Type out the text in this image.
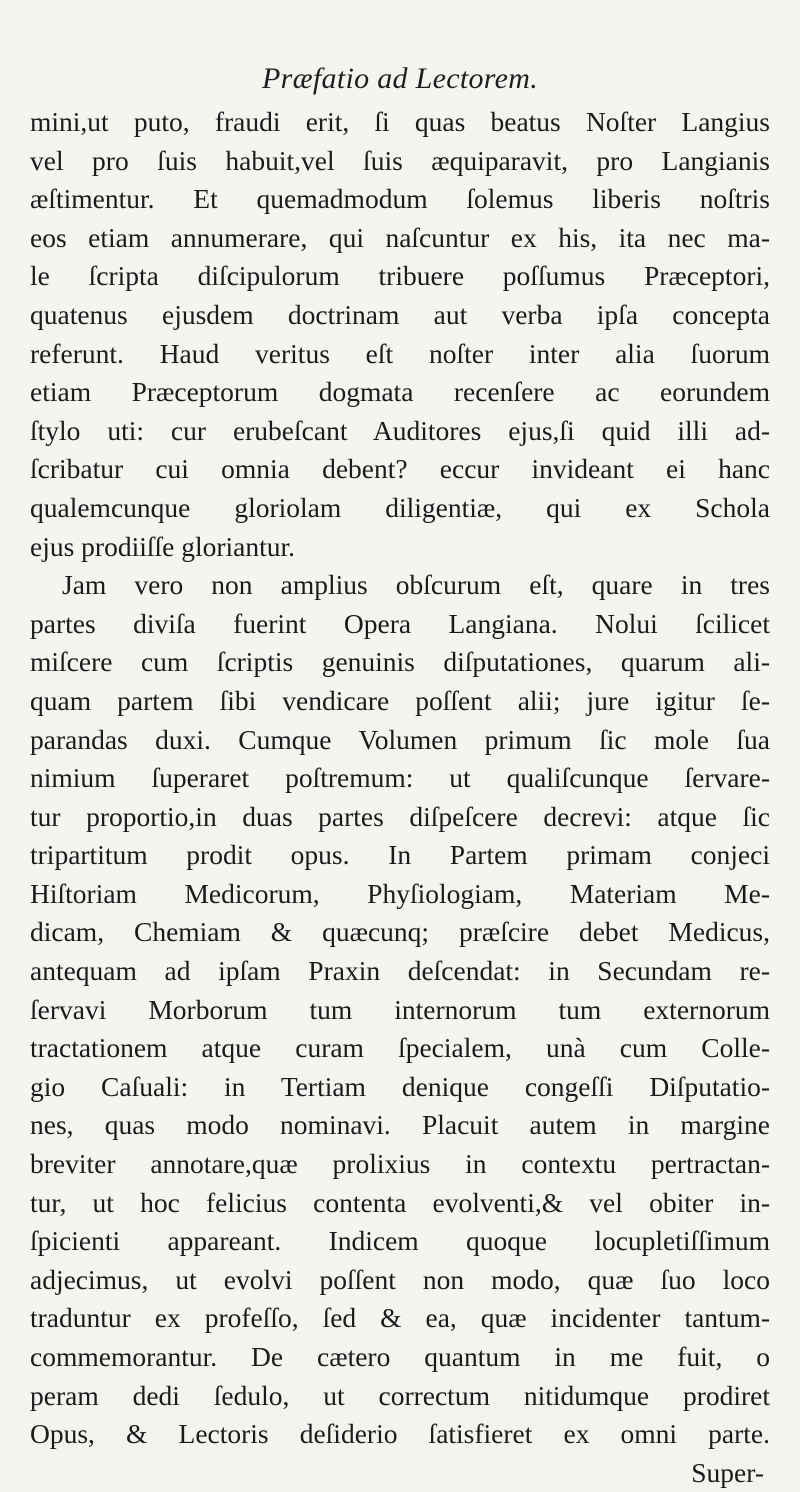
Præfatio ad Lectorem.
mini,ut puto, fraudi erit, ſi quas beatus Noſter Langius
vel pro ſuis habuit,vel ſuis æquiparavit, pro Langianis
æſtimentur. Et quemadmodum ſolemus liberis noſtris
eos etiam annumerare, qui naſcuntur ex his, ita nec ma-
le ſcripta diſcipulorum tribuere poſſumus Præceptori,
quatenus ejusdem doctrinam aut verba ipſa concepta
referunt. Haud veritus eſt noſter inter alia ſuorum
etiam Præceptorum dogmata recenſere ac eorundem
ſtylo uti: cur erubeſcant Auditores ejus,ſi quid illi ad-
ſcribatur cui omnia debent? eccur invideant ei hanc
qualemcunque gloriolam diligentiæ, qui ex Schola
ejus prodiiſſe gloriantur.
Jam vero non amplius obſcurum eſt, quare in tres
partes diviſa fuerint Opera Langiana. Nolui ſcilicet
miſcere cum ſcriptis genuinis diſputationes, quarum ali-
quam partem ſibi vendicare poſſent alii; jure igitur ſe-
parandas duxi. Cumque Volumen primum ſic mole ſua
nimium ſuperaret poſtremum: ut qualiſcunque ſervare-
tur proportio,in duas partes diſpeſcere decrevi: atque ſic
tripartitum prodit opus. In Partem primam conjeci
Hiſtoriam Medicorum, Phyſiologiam, Materiam Me-
dicam, Chemiam & quæcunq; præſcire debet Medicus,
antequam ad ipſam Praxin deſcendat: in Secundam re-
ſervavi Morborum tum internorum tum externorum
tractationem atque curam ſpecialem, unà cum Colle-
gio Caſuali: in Tertiam denique congeſſi Diſputatio-
nes, quas modo nominavi. Placuit autem in margine
breviter annotare,quæ prolixius in contextu pertractan-
tur, ut hoc felicius contenta evolventi,& vel obiter in-
ſpicienti appareant. Indicem quoque locupletiſſimum
adjecimus, ut evolvi poſſent non modo, quæ ſuo loco
traduntur ex profeſſo, ſed & ea, quæ incidenter tantum-
commemorantur. De cætero quantum in me fuit, o
peram dedi ſedulo, ut correctum nitidumque prodiret
Opus, & Lectoris deſiderio ſatisfieret ex omni parte.
Super-
